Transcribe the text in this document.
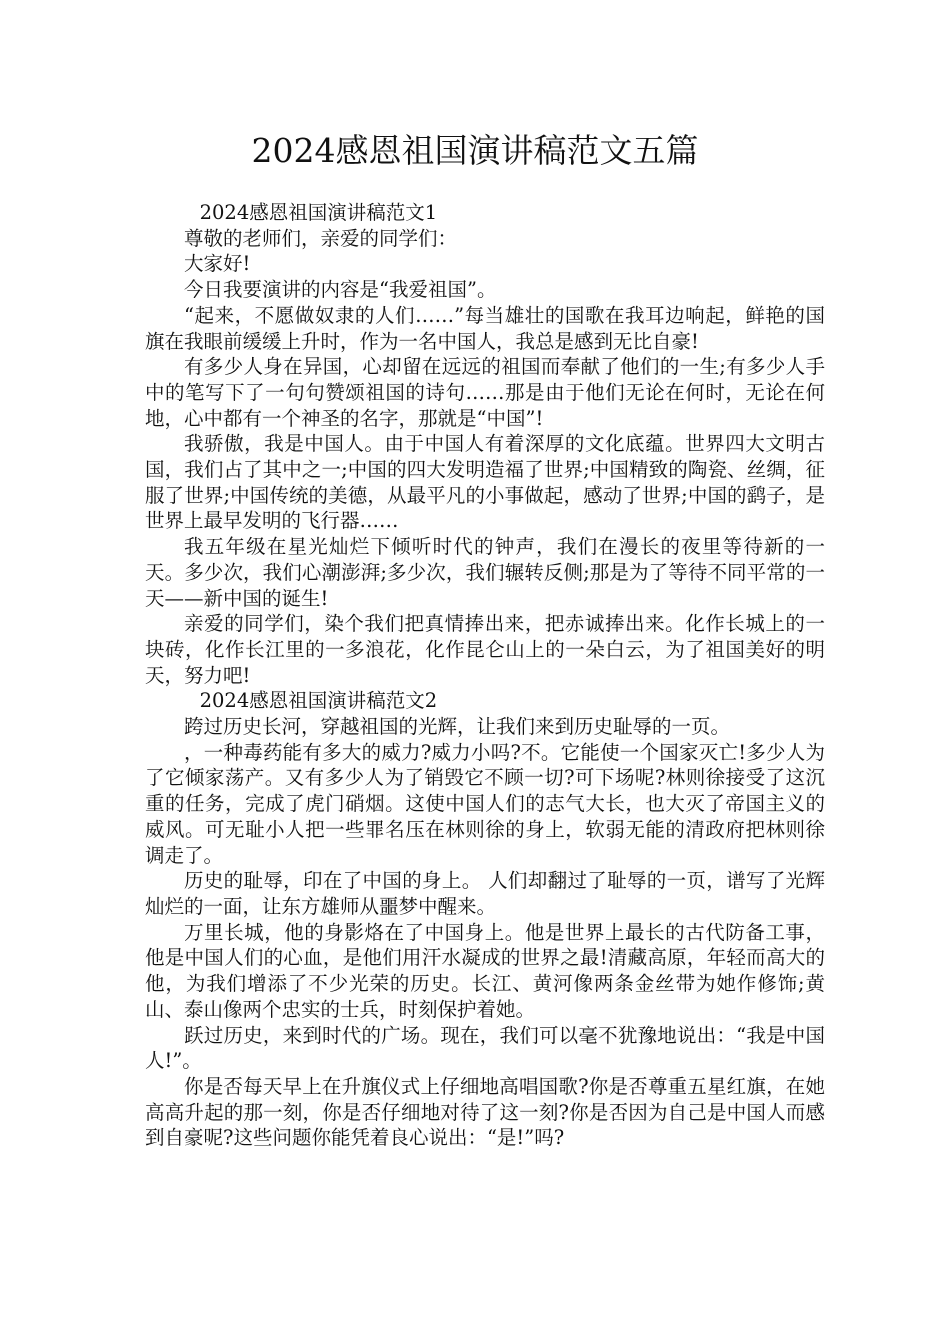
2024感恩祖国演讲稿范文五篇

2024感恩祖国演讲稿范文1

尊敬的老师们，亲爱的同学们：

大家好!

今日我要演讲的内容是“我爱祖国”。

“起来，不愿做奴隶的人们……”每当雄壮的国歌在我耳边响起，鲜艳的国旗在我眼前缓缓上升时，作为一名中国人，我总是感到无比自豪!

有多少人身在异国，心却留在远远的祖国而奉献了他们的一生;有多少人手中的笔写下了一句句赞颂祖国的诗句……那是由于他们无论在何时，无论在何地，心中都有一个神圣的名字，那就是“中国”!

我骄傲，我是中国人。由于中国人有着深厚的文化底蕴。世界四大文明古国，我们占了其中之一;中国的四大发明造福了世界;中国精致的陶瓷、丝绸，征服了世界;中国传统的美德，从最平凡的小事做起，感动了世界;中国的鹞子，是世界上最早发明的飞行器……

我五年级在星光灿烂下倾听时代的钟声，我们在漫长的夜里等待新的一天。多少次，我们心潮澎湃;多少次，我们辗转反侧;那是为了等待不同平常的一天——新中国的诞生!

亲爱的同学们，染个我们把真情捧出来，把赤诚捧出来。化作长城上的一块砖，化作长江里的一多浪花，化作昆仑山上的一朵白云，为了祖国美好的明天，努力吧!

2024感恩祖国演讲稿范文2

跨过历史长河，穿越祖国的光辉，让我们来到历史耻辱的一页。

，一种毒药能有多大的威力?威力小吗?不。它能使一个国家灭亡!多少人为了它倾家荡产。又有多少人为了销毁它不顾一切?可下场呢?林则徐接受了这沉重的任务，完成了虎门硝烟。这使中国人们的志气大长，也大灭了帝国主义的威风。可无耻小人把一些罪名压在林则徐的身上，软弱无能的清政府把林则徐调走了。

历史的耻辱，印在了中国的身上。 人们却翻过了耻辱的一页，谱写了光辉灿烂的一面，让东方雄师从噩梦中醒来。

万里长城，他的身影烙在了中国身上。他是世界上最长的古代防备工事，他是中国人们的心血，是他们用汗水凝成的世界之最!清藏高原，年轻而高大的他，为我们增添了不少光荣的历史。长江、黄河像两条金丝带为她作修饰;黄山、泰山像两个忠实的士兵，时刻保护着她。

跃过历史，来到时代的广场。现在，我们可以毫不犹豫地说出：“我是中国人!”。

你是否每天早上在升旗仪式上仔细地高唱国歌?你是否尊重五星红旗，在她高高升起的那一刻，你是否仔细地对待了这一刻?你是否因为自己是中国人而感到自豪呢?这些问题你能凭着良心说出：“是!”吗?
